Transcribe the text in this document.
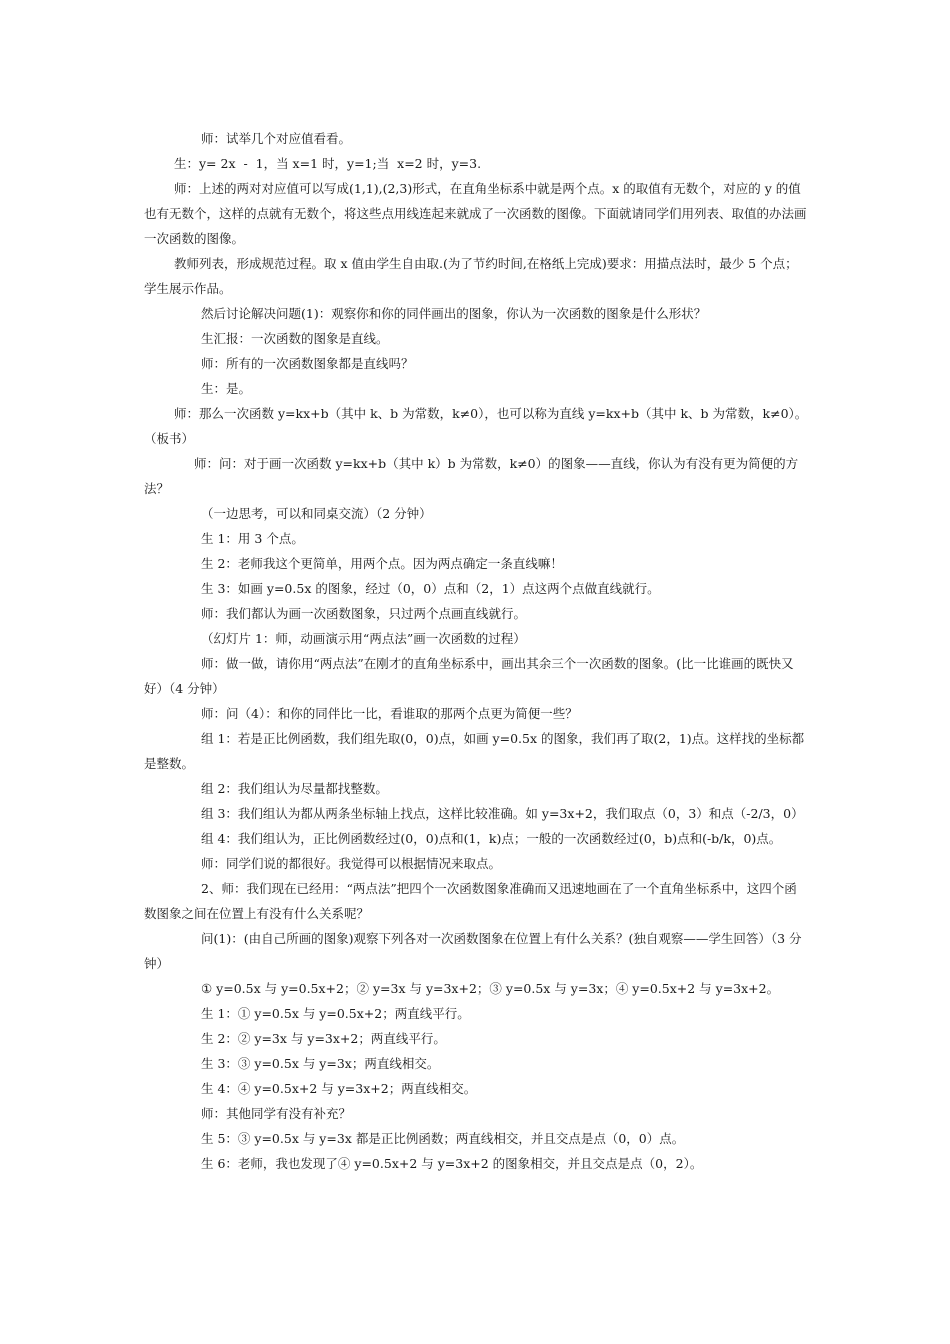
师：试举几个对应值看看。

生：y= 2x  -  1，当 x=1 时，y=1;当  x=2 时，y=3.

师：上述的两对对应值可以写成(1,1),(2,3)形式，在直角坐标系中就是两个点。x 的取值有无数个，对应的 y 的值也有无数个，这样的点就有无数个，将这些点用线连起来就成了一次函数的图像。下面就请同学们用列表、取值的办法画一次函数的图像。

教师列表，形成规范过程。取 x 值由学生自由取.(为了节约时间,在格纸上完成)要求：用描点法时，最少 5 个点；学生展示作品。

然后讨论解决问题(1)：观察你和你的同伴画出的图象，你认为一次函数的图象是什么形状？

生汇报：一次函数的图象是直线。

师：所有的一次函数图象都是直线吗？

生：是。

师：那么一次函数 y=kx+b（其中 k、b 为常数，k≠0），也可以称为直线 y=kx+b（其中 k、b 为常数，k≠0）。（板书）

师：问：对于画一次函数 y=kx+b（其中 k）b 为常数，k≠0）的图象——直线，你认为有没有更为简便的方法？

（一边思考，可以和同桌交流）（2 分钟）

生 1：用 3 个点。

生 2：老师我这个更简单，用两个点。因为两点确定一条直线嘛！

生 3：如画 y=0.5x 的图象，经过（0，0）点和（2，1）点这两个点做直线就行。

师：我们都认为画一次函数图象，只过两个点画直线就行。

（幻灯片 1：师，动画演示用“两点法”画一次函数的过程）

师：做一做，请你用“两点法”在刚才的直角坐标系中，画出其余三个一次函数的图象。(比一比谁画的既快又好）（4 分钟）

师：问（4）：和你的同伴比一比，看谁取的那两个点更为简便一些？

组 1：若是正比例函数，我们组先取(0，0)点，如画 y=0.5x 的图象，我们再了取(2，1)点。这样找的坐标都是整数。

组 2：我们组认为尽量都找整数。

组 3：我们组认为都从两条坐标轴上找点，这样比较准确。如 y=3x+2，我们取点（0，3）和点（-2/3，0）

组 4：我们组认为，正比例函数经过(0，0)点和(1，k)点；一般的一次函数经过(0，b)点和(-b/k，0)点。

师：同学们说的都很好。我觉得可以根据情况来取点。

2、师：我们现在已经用：“两点法”把四个一次函数图象准确而又迅速地画在了一个直角坐标系中，这四个函数图象之间在位置上有没有什么关系呢？

问(1)：(由自己所画的图象)观察下列各对一次函数图象在位置上有什么关系？(独自观察——学生回答）（3 分钟）

① y=0.5x 与 y=0.5x+2；② y=3x 与 y=3x+2；③ y=0.5x 与 y=3x；④ y=0.5x+2 与 y=3x+2。

生 1：① y=0.5x 与 y=0.5x+2；两直线平行。

生 2：② y=3x 与 y=3x+2；两直线平行。

生 3：③ y=0.5x 与 y=3x；两直线相交。

生 4：④ y=0.5x+2 与 y=3x+2；两直线相交。

师：其他同学有没有补充？

生 5：③ y=0.5x 与 y=3x 都是正比例函数；两直线相交，并且交点是点（0，0）点。

生 6：老师，我也发现了④ y=0.5x+2 与 y=3x+2 的图象相交，并且交点是点（0，2）。
